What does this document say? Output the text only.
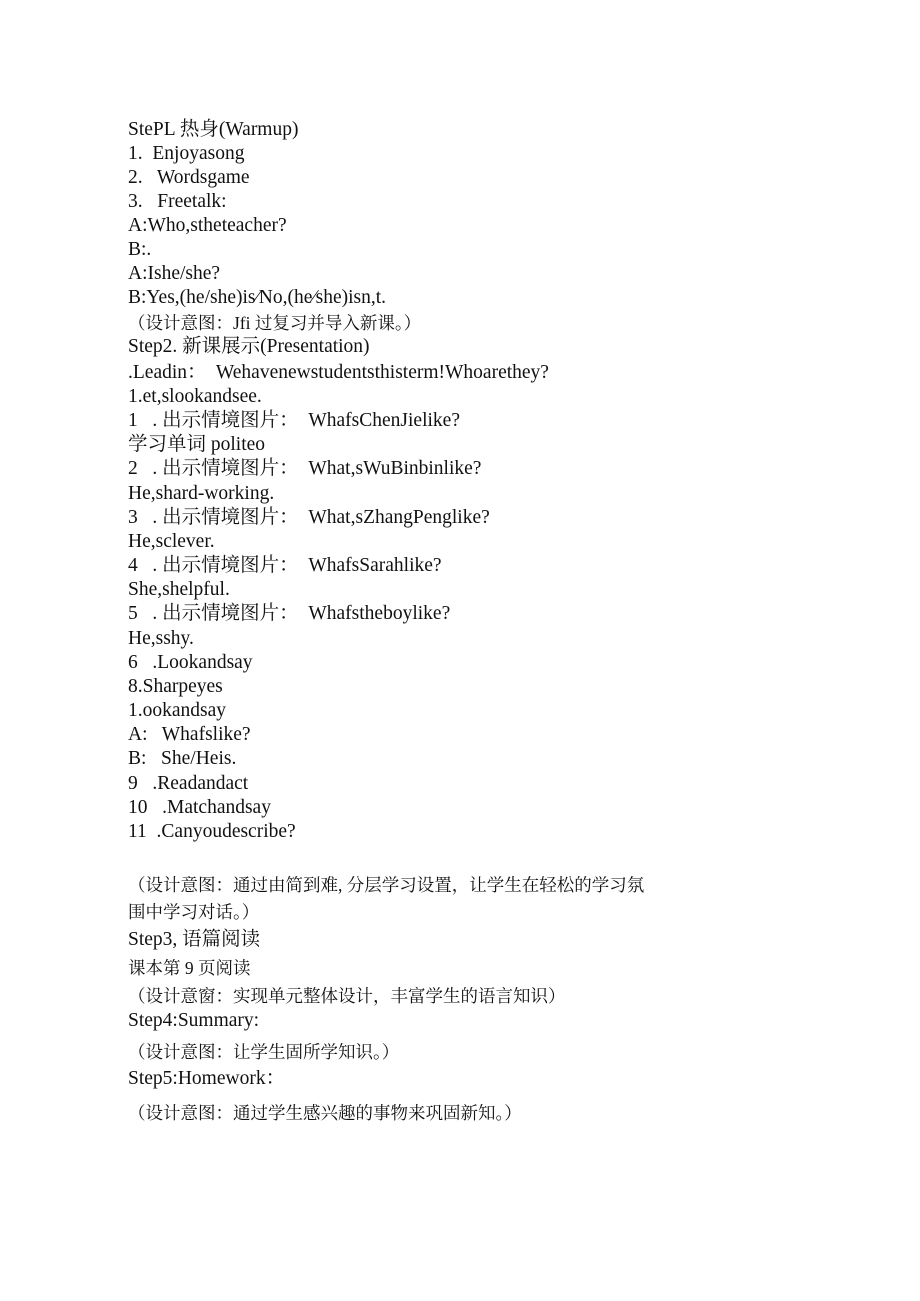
StePL 热身(Warmup)
1.  Enjoyasong
2.   Wordsgame
3.   Freetalk:
A:Who,stheteacher?
B:.
A:Ishe/she?
B:Yes,(he/she)is∕No,(he∕she)isn,t.
（设计意图：Jfi 过复习并导入新课。）
Step2. 新课展示(Presentation)
.Leadin：  Wehavenewstudentsthisterm!Whoarethey?
1.et,slookandsee.
1   . 出示情境图片：  WhafsChenJielike?
学习单词 politeo
2   . 出示情境图片：  What,sWuBinbinlike?
He,shard-working.
3   . 出示情境图片：  What,sZhangPenglike?
He,sclever.
4   . 出示情境图片：  WhafsSarahlike?
She,shelpful.
5   . 出示情境图片：  Whafstheboylike?
He,sshy.
6   .Lookandsay
8.Sharpeyes
1.ookandsay
A:   Whafslike?
B:   She/Heis.
9   .Readandact
10   .Matchandsay
11  .Canyoudescribe?
（设计意图：通过由简到难, 分层学习设置，让学生在轻松的学习氛
围中学习对话。）
Step3, 语篇阅读
课本第 9 页阅读
（设计意窗：实现单元整体设计，丰富学生的语言知识）
Step4:Summary:
（设计意图：让学生固所学知识。）
Step5:Homework：
（设计意图：通过学生感兴趣的事物来巩固新知。）
